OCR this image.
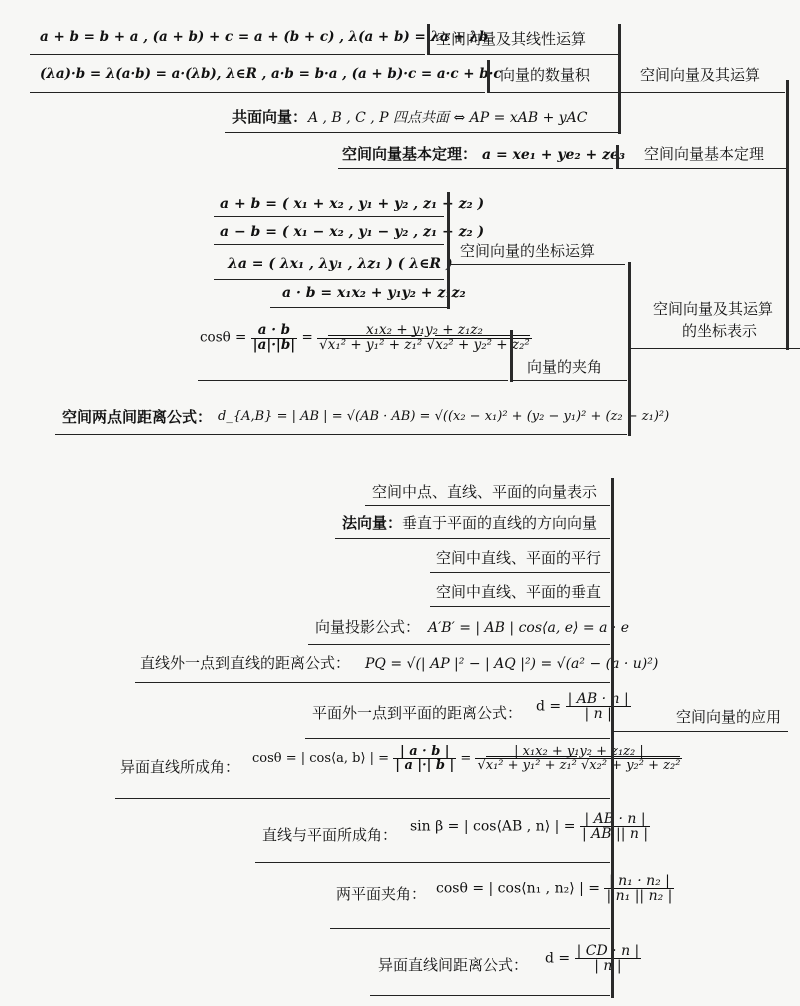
a + b = b + a , (a + b) + c = a + (b + c) , λ(a + b) = λa + λb
空间向量及其线性运算
(λa)·b = λ(a·b) = a·(λb), λ∈R , a·b = b·a , (a + b)·c = a·c + b·c
向量的数量积	空间向量及其运算
共面向量： A , B , C , P 四点共面 ⇔ AP = xAB + yAC
空间向量基本定理： a = xe₁ + ye₂ + ze₃ 空间向量基本定理
a + b = ( x₁ + x₂ , y₁ + y₂ , z₁ + z₂ )
a − b = ( x₁ − x₂ , y₁ − y₂ , z₁ − z₂ )
λa = ( λx₁ , λy₁ , λz₁ ) ( λ∈R )
a · b = x₁x₂ + y₁y₂ + z₁z₂
空间向量的坐标运算
$\cos\theta = \frac{a \cdot b}{|a|\cdot|b|} = \frac{\text{x₁x₂ + y₁y₂ + z₁z₂}}{\text{√x₁² + y₁² + z₁² √x₂² + y₂² + z₂²}}$
向量的夹角
空间两点间距离公式： d_{A,B} = | AB | = √(AB · AB) = √((x₂ − x₁)² + (y₂ − y₁)² + (z₂ − z₁)²)
空间向量及其运算
的坐标表示
空间中点、直线、平面的向量表示
法向量：垂直于平面的直线的方向向量
空间中直线、平面的平行
空间中直线、平面的垂直
向量投影公式： A′B′ = | AB | cos⟨a, e⟩ = a · e
直线外一点到直线的距离公式： PQ = √(| AP |² − | AQ |²) = √(a² − (a · u)²)
平面外一点到平面的距离公式： $d = \frac{| AB \cdot n |}{| n |}$
异面直线所成角： cosθ = | cos⟨a, b⟩ | = $\frac{| a \cdot b |}{| a |\cdot| b |} = \frac{\text{| x₁x₂ + y₁y₂ + z₁z₂ |}}{\text{√x₁² + y₁² + z₁² √x₂² + y₂² + z₂²}}$
直线与平面所成角： sin β = | cos⟨AB , n⟩ | = $\frac{| AB \cdot n |}{| AB || n |}$
两平面夹角： cosθ = | cos⟨n₁ , n₂⟩ | = $\frac{\text{| n₁ · n₂ |}}{\text{| n₁ || n₂ |}}$
异面直线间距离公式： $d = \frac{| CD \cdot n |}{| n |}$
空间向量的应用
